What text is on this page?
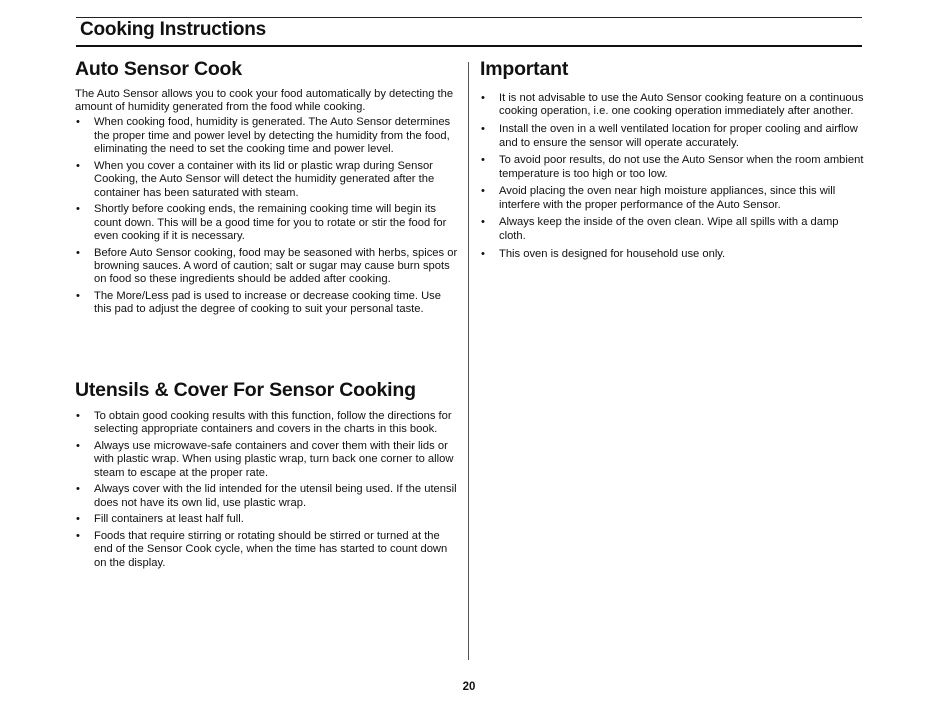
Cooking Instructions
Auto Sensor Cook

The Auto Sensor allows you to cook your food automatically by detecting the amount of humidity generated from the food while cooking.

• When cooking food, humidity is generated. The Auto Sensor determines the proper time and power level by detecting the humidity from the food, eliminating the need to set the cooking time and power level.
• When you cover a container with its lid or plastic wrap during Sensor Cooking, the Auto Sensor will detect the humidity generated after the container has been saturated with steam.
• Shortly before cooking ends, the remaining cooking time will begin its count down. This will be a good time for you to rotate or stir the food for even cooking if it is necessary.
• Before Auto Sensor cooking, food may be seasoned with herbs, spices or browning sauces. A word of caution; salt or sugar may cause burn spots on food so these ingredients should be added after cooking.
• The More/Less pad is used to increase or decrease cooking time. Use this pad to adjust the degree of cooking to suit your personal taste.
Utensils & Cover For Sensor Cooking
• To obtain good cooking results with this function, follow the directions for selecting appropriate containers and covers in the charts in this book.
• Always use microwave-safe containers and cover them with their lids or with plastic wrap. When using plastic wrap, turn back one corner to allow steam to escape at the proper rate.
• Always cover with the lid intended for the utensil being used. If the utensil does not have its own lid, use plastic wrap.
• Fill containers at least half full.
• Foods that require stirring or rotating should be stirred or turned at the end of the Sensor Cook cycle, when the time has started to count down on the display.
Important
• It is not advisable to use the Auto Sensor cooking feature on a continuous cooking operation, i.e. one cooking operation immediately after another.
• Install the oven in a well ventilated location for proper cooling and airflow and to ensure the sensor will operate accurately.
• To avoid poor results, do not use the Auto Sensor when the room ambient temperature is too high or too low.
• Avoid placing the oven near high moisture appliances, since this will interfere with the proper performance of the Auto Sensor.
• Always keep the inside of the oven clean. Wipe all spills with a damp cloth.
• This oven is designed for household use only.
20
